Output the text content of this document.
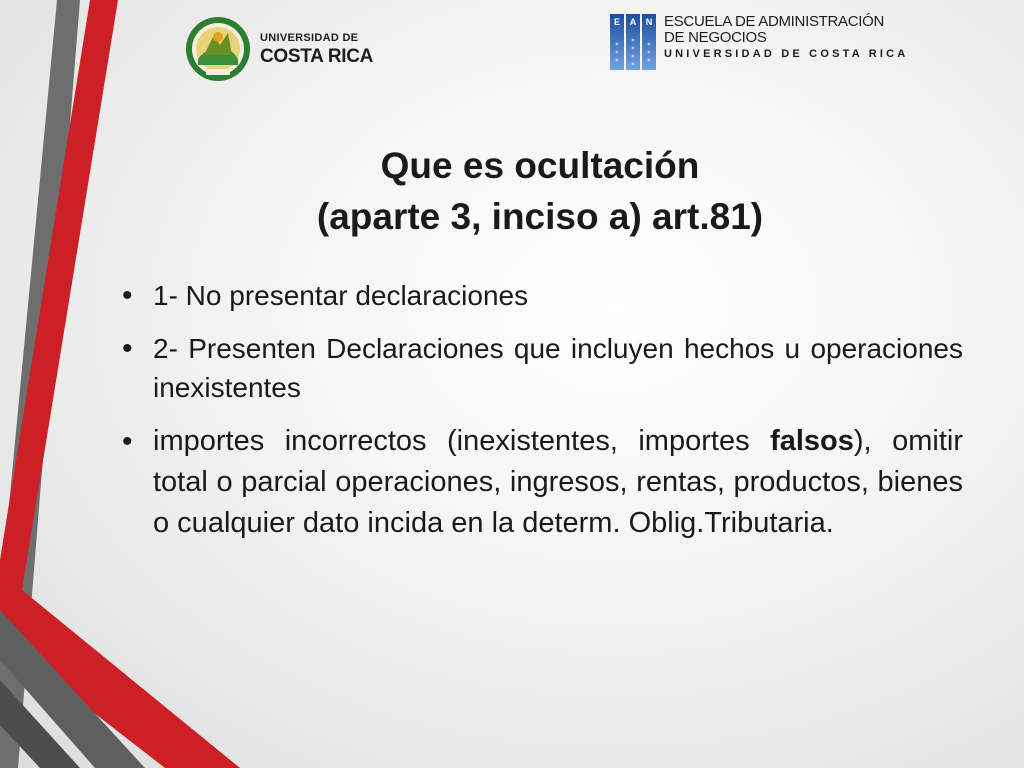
UNIVERSIDAD DE
COSTA RICA
E A N ESCUELA DE ADMINISTRACIÓN
DE NEGOCIOS
UNIVERSIDAD DE COSTA RICA
Que es ocultación
(aparte 3, inciso a) art.81)
• 1- No presentar declaraciones
• 2- Presenten Declaraciones que incluyen hechos u operaciones inexistentes
• importes incorrectos (inexistentes, importes falsos), omitir total o parcial operaciones, ingresos, rentas, productos, bienes o cualquier dato incida en la determ. Oblig.Tributaria.
